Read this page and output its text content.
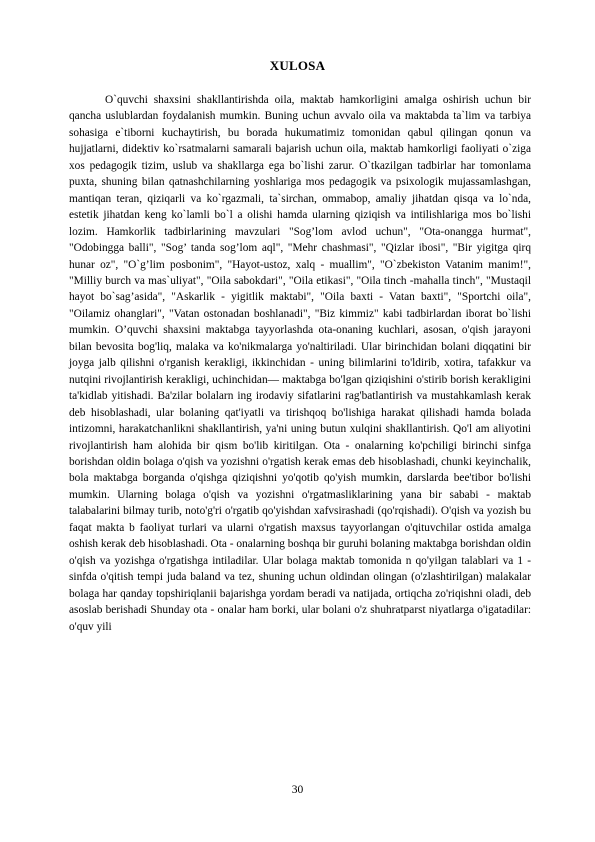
XULOSA

O`quvchi shaxsini shakllantirishda oila, maktab hamkorligini amalga oshirish uchun bir qancha uslublardan foydalanish mumkin. Buning uchun avvalo oila va maktabda ta`lim va tarbiya sohasiga e`tiborni kuchaytirish, bu borada hukumatimiz tomonidan qabul qilingan qonun va hujjatlarni, didektiv ko`rsatmalarni samarali bajarish uchun oila, maktab hamkorligi faoliyati o`ziga xos pedagogik tizim, uslub va shakllarga ega bo`lishi zarur. O`tkazilgan tadbirlar har tomonlama puxta, shuning bilan qatnashchilarning yoshlariga mos pedagogik va psixologik mujassamlashgan, mantiqan teran, qiziqarli va ko`rgazmali, ta`sirchan, ommabop, amaliy jihatdan qisqa va lo`nda, estetik jihatdan keng ko`lamli bo`l a olishi hamda ularning qiziqish va intilishlariga mos bo`lishi lozim. Hamkorlik tadbirlarining mavzulari "Sog’lom avlod uchun", "Ota-onangga hurmat", "Odobingga balli", "Sog’ tanda sog’lom aql", "Mehr chashmasi", "Qizlar ibosi", "Bir yigitga qirq hunar oz", "O`g’lim posbonim", "Hayot-ustoz, xalq - muallim", "O`zbekiston Vatanim manim!", "Milliy burch va mas`uliyat", "Oila sabokdari", "Oila etikasi", "Oila tinch -mahalla tinch", "Mustaqil hayot bo`sag’asida", "Askarlik - yigitlik maktabi", "Oila baxti - Vatan baxti", "Sportchi oila", "Oilamiz ohanglari", "Vatan ostonadan boshlanadi", "Biz kimmiz" kabi tadbirlardan iborat bo`lishi mumkin. O’quvchi shaxsini maktabga tayyorlashda ota-onaning kuchlari, asosan, o'qish jarayoni bilan bevosita bog'liq, malaka va ko'nikmalarga yo'naltiriladi. Ular birinchidan bolani diqqatini bir joyga jalb qilishni o'rganish kerakligi, ikkinchidan - uning bilimlarini to'ldirib, xotira, tafakkur va nutqini rivojlantirish kerakligi, uchinchidan— maktabga bo'lgan qiziqishini o'stirib borish kerakligini ta'kidlab yitishadi. Ba'zilar bolalarn ing irodaviy sifatlarini rag'batlantirish va mustahkamlash kerak deb hisoblashadi, ular bolaning qat'iyatli va tirishqoq bo'lishiga harakat qilishadi hamda bolada intizomni, harakatchanlikni shakllantirish, ya'ni uning butun xulqini shakllantirish. Qo'l am aliyotini rivojlantirish ham alohida bir qism bo'lib kiritilgan. Ota - onalarning ko'pchiligi birinchi sinfga borishdan oldin bolaga o'qish va yozishni o'rgatish kerak emas deb hisoblashadi, chunki keyinchalik, bola maktabga borganda o'qishga qiziqishni yo'qotib qo'yish mumkin, darslarda bee'tibor bo'lishi mumkin. Ularning bolaga o'qish va yozishni o'rgatmasliklarining yana bir sababi - maktab talabalarini bilmay turib, noto'g'ri o'rgatib qo'yishdan xafvsirashadi (qo'rqishadi). O'qish va yozish bu faqat makta b faoliyat turlari va ularni o'rgatish maxsus tayyorlangan o'qituvchilar ostida amalga oshish kerak deb hisoblashadi. Ota - onalarning boshqa bir guruhi bolaning maktabga borishdan oldin o'qish va yozishga o'rgatishga intiladilar. Ular bolaga maktab tomonida n qo'yilgan talablari va 1 - sinfda o'qitish tempi juda baland va tez, shuning uchun oldindan olingan (o'zlashtirilgan) malakalar bolaga har qanday topshiriqlanii bajarishga yordam beradi va natijada, ortiqcha zo'riqishni oladi, deb asoslab berishadi Shunday ota - onalar ham borki, ular bolani o'z shuhratparst niyatlarga o'igatadilar: o'quv yili

30
